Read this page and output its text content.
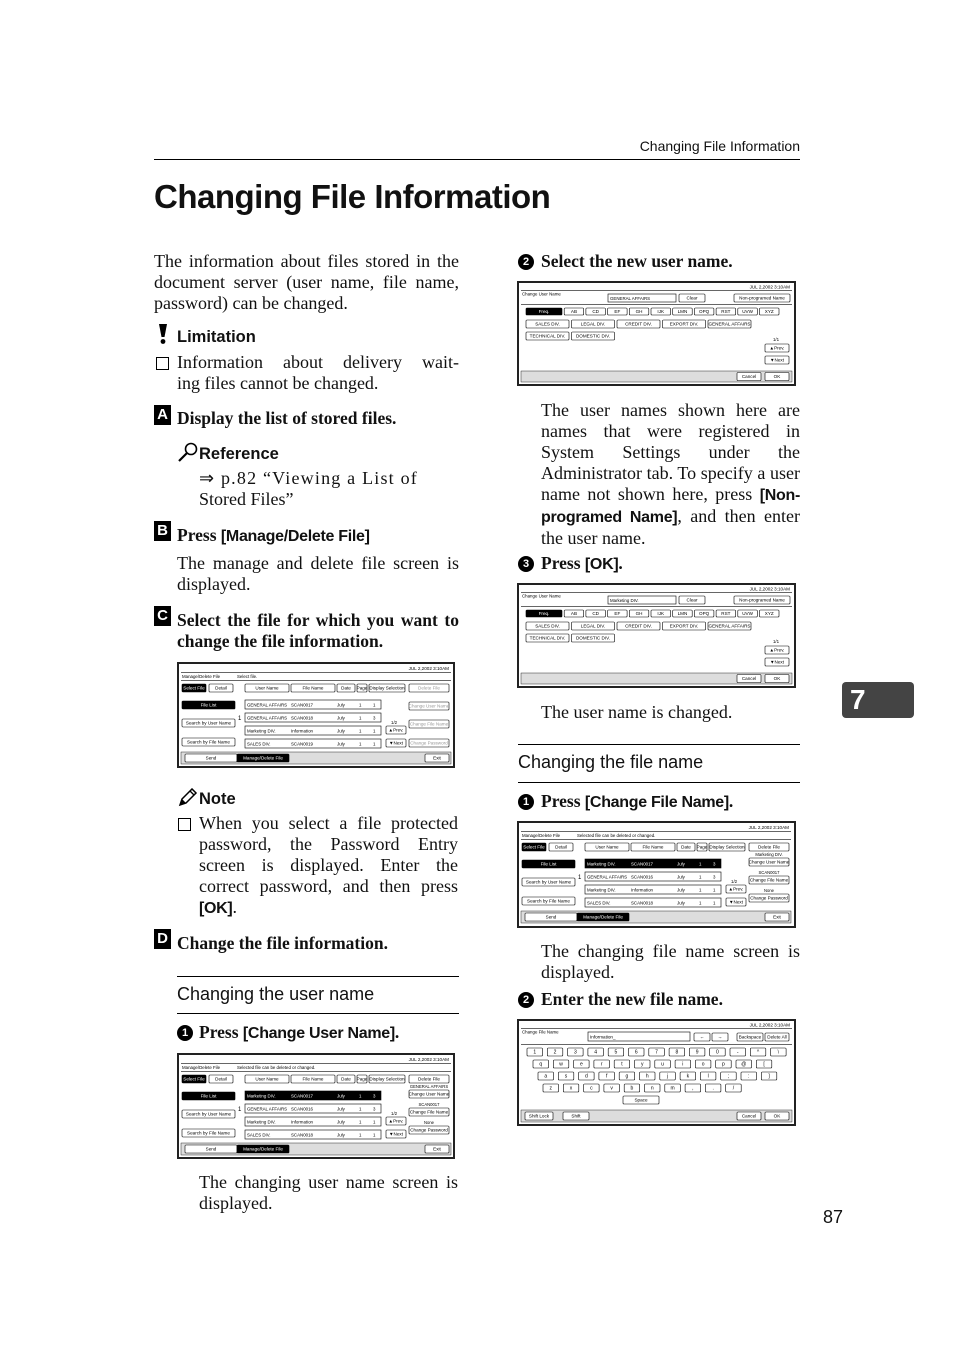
Changing File Information
Changing File Information
The information about files stored in the document server (user name, file name, password) can be changed.
Limitation
Information about delivery wait-
ing files cannot be changed.
A Display the list of stored files.
Reference
⇒ p.82 “Viewing a List of
Stored Files”
B Press [Manage/Delete File]
The manage and delete file screen is displayed.
C Select the file for which you want to change the file information.
JUL 2,2002 3:10AM
Manage/Delete File	Select file.
Select File Detail
File List
Search by User Name
Search by File Name
User Name	File Name	Date Page Display Selection
GENERAL AFFAIRS SCAN0017	July	1	1
GENERAL AFFAIRS SCAN0018	July	1	3
Marketing DIV.	Information	July	1	1
SALES DIV.	SCAN0019	July	1	1
1
1/2
▲Prev.
▼Next
Delete File
Change User Name
Change File Name
Change Password
Send	Manage/Delete File	Exit
Note
When you select a file protected password, the Password Entry screen is displayed. Enter the correct password, and then press [OK].
D Change the file information.
Changing the user name
1 Press [Change User Name].
JUL 2,2002 3:10AM
Manage/Delete File	Selected file can be deleted or changed.
Select File Detail
File List
Search by User Name
Search by File Name
User Name	File Name	Date Page Display Selection
Marketing DIV.	SCAN0017	July	1	3
GENERAL AFFAIRS SCAN0016	July	1	3
Marketing DIV.	Information	July	1	1
SALES DIV.	SCAN0018	July	1	1
1
1/2
▲Prev.
▼Next
Delete File
GENERAL AFFAIRS
Change User Name
SCAN0017
Change File Name
None
Change Password
Send	Manage/Delete File	Exit
The changing user name screen is displayed.
2 Select the new user name.
JUL 2,2002 3:10AM
Change User Name
GENERAL AFFAIRS	Clear	Non-programed Name
Freq.	AB	CD	EF	GH	IJK	LMN	OPQ	RST	UVW	XYZ
SALES DIV.	LEGAL DIV.	CREDIT DIV.	EXPORT DIV. GENERAL AFFAIRS
TECHNICAL DIV. DOMESTIC DIV.
1/1
▲Prev.
▼Next
Cancel	OK
The user names shown here are names that were registered in System Settings under the Administrator tab. To specify a user name not shown here, press [Non-programed Name], and then enter the user name.
3 Press [OK].
JUL 2,2002 3:10AM
Change User Name
Marketing DIV.	Clear	Non-programed Name
Freq.	AB	CD	EF	GH	IJK	LMN	OPQ	RST	UVW	XYZ
SALES DIV.	LEGAL DIV.	CREDIT DIV.	EXPORT DIV. GENERAL AFFAIRS
TECHNICAL DIV. DOMESTIC DIV.
1/1
▲Prev.
▼Next
Cancel	OK
The user name is changed.
Changing the file name
1 Press [Change File Name].
JUL 2,2002 3:10AM
Manage/Delete File	Selected file can be deleted or changed.
Select File Detail
File List
Search by User Name
Search by File Name
User Name	File Name	Date Page Display Selection
Marketing DIV.	SCAN0017	July	1	3
GENERAL AFFAIRS SCAN0016	July	1	3
Marketing DIV.	Information	July	1	1
SALES DIV.	SCAN0018	July	1	1
1
1/2
▲Prev.
▼Next
Delete File
Marketing DIV.
Change User Name
SCAN0017
Change File Name
None
Change Password
Send	Manage/Delete File	Exit
The changing file name screen is displayed.
2 Enter the new file name.
JUL 2,2002 3:10AM
Change File Name
Information_	←	→	Backspace Delete All
1	2	3	4	5	6	7	8	9	0	-	^	\
q	w	e	r	t	y	u	i	o	p	@	[
a	s	d	f	g	h	j	k	l	;	:	]
z	x	c	v	b	n	m	,	.	/
Space
Shift Lock	Shift	Cancel	OK
7
87
